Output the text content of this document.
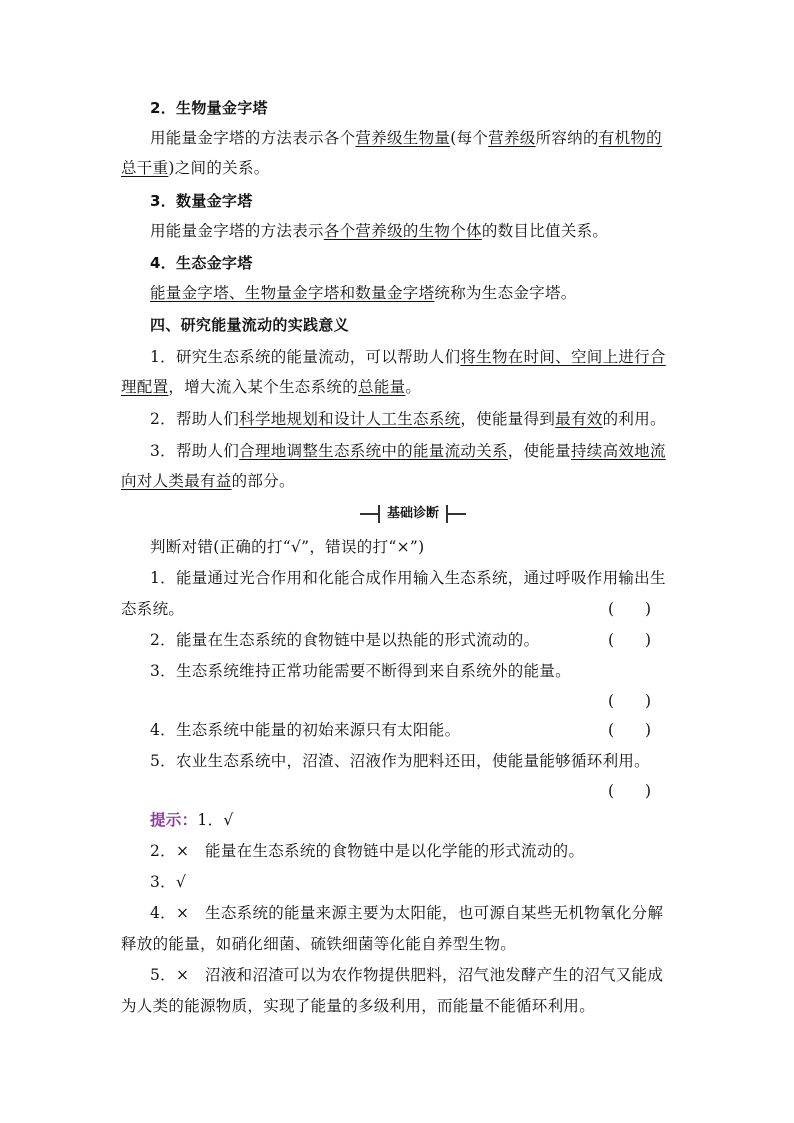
2．生物量金字塔
用能量金字塔的方法表示各个营养级生物量(每个营养级所容纳的有机物的
总干重)之间的关系。
3．数量金字塔
用能量金字塔的方法表示各个营养级的生物个体的数目比值关系。
4．生态金字塔
能量金字塔、生物量金字塔和数量金字塔统称为生态金字塔。
四、研究能量流动的实践意义
1．研究生态系统的能量流动，可以帮助人们将生物在时间、空间上进行合
理配置，增大流入某个生态系统的总能量。
2．帮助人们科学地规划和设计人工生态系统，使能量得到最有效的利用。
3．帮助人们合理地调整生态系统中的能量流动关系，使能量持续高效地流
向对人类最有益的部分。
基础诊断
判断对错(正确的打“√”，错误的打“×”)
1．能量通过光合作用和化能合成作用输入生态系统，通过呼吸作用输出生
态系统。	(　　)
2．能量在生态系统的食物链中是以热能的形式流动的。	(　　)
3．生态系统维持正常功能需要不断得到来自系统外的能量。
(　　)
4．生态系统中能量的初始来源只有太阳能。	(　　)
5．农业生态系统中，沼渣、沼液作为肥料还田，使能量能够循环利用。
(　　)
提示：1．√
2．×　能量在生态系统的食物链中是以化学能的形式流动的。
3．√
4．×　生态系统的能量来源主要为太阳能，也可源自某些无机物氧化分解
释放的能量，如硝化细菌、硫铁细菌等化能自养型生物。
5．×　沼液和沼渣可以为农作物提供肥料，沼气池发酵产生的沼气又能成
为人类的能源物质，实现了能量的多级利用，而能量不能循环利用。
